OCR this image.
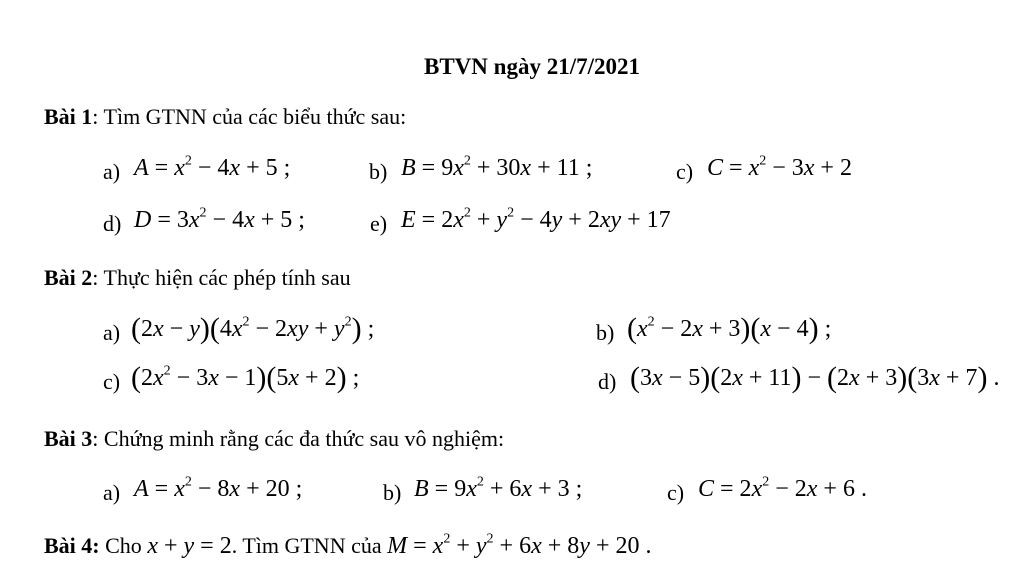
BTVN ngày 21/7/2021
Bài 1: Tìm GTNN của các biểu thức sau:
a) $A = x^2 - 4x + 5$ ;	b) $B = 9x^2 + 30x + 11$ ;	c) $C = x^2 - 3x + 2$
d) $D = 3x^2 - 4x + 5$ ;	e) $E = 2x^2 + y^2 - 4y + 2xy + 17$
Bài 2: Thực hiện các phép tính sau
a) $(2x - y)(4x^2 - 2xy + y^2)$ ;	b) $(x^2 - 2x + 3)(x - 4)$ ;
c) $(2x^2 - 3x - 1)(5x + 2)$ ;	d) (3x − 5)(2x + 11) − (2x + 3)(3x + 7) .
Bài 3: Chứng minh rằng các đa thức sau vô nghiệm:
a) $A = x^2 - 8x + 20$ ;	b) $B = 9x^2 + 6x + 3$ ;	c) $C = 2x^2 - 2x + 6$ .
Bài 4: Cho x + y = 2. Tìm GTNN của $M = x^2 + y^2 + 6x + 8y + 20$ .
